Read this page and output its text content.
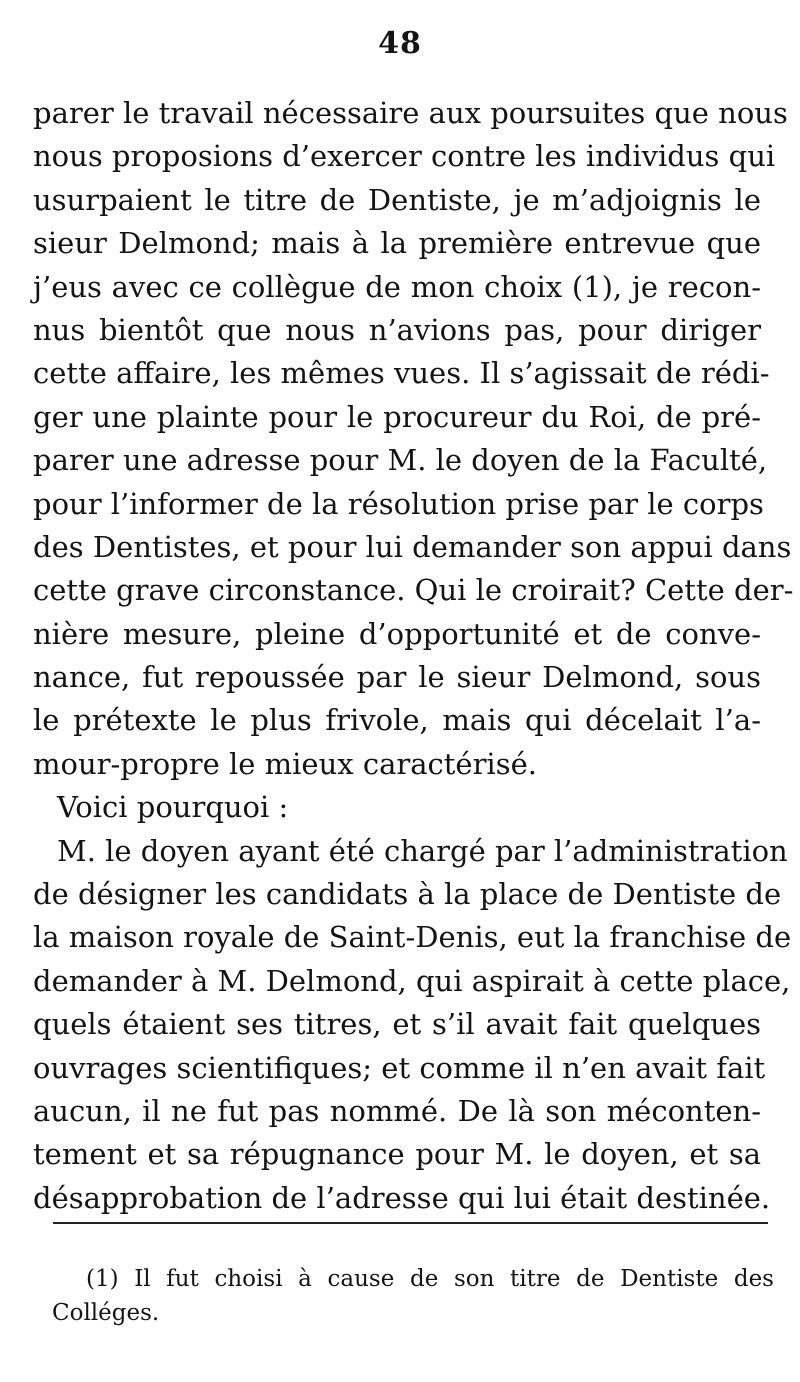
48
parer le travail nécessaire aux poursuites que nous
nous proposions d’exercer contre les individus qui
usurpaient le titre de Dentiste, je m’adjoignis le
sieur Delmond; mais à la première entrevue que
j’eus avec ce collègue de mon choix (1), je recon-
nus bientôt que nous n’avions pas, pour diriger
cette affaire, les mêmes vues. Il s’agissait de rédi-
ger une plainte pour le procureur du Roi, de pré-
parer une adresse pour M. le doyen de la Faculté,
pour l’informer de la résolution prise par le corps
des Dentistes, et pour lui demander son appui dans
cette grave circonstance. Qui le croirait? Cette der-
nière mesure, pleine d’opportunité et de conve-
nance, fut repoussée par le sieur Delmond, sous
le prétexte le plus frivole, mais qui décelait l’a-
mour-propre le mieux caractérisé.
Voici pourquoi :
M. le doyen ayant été chargé par l’administration
de désigner les candidats à la place de Dentiste de
la maison royale de Saint-Denis, eut la franchise de
demander à M. Delmond, qui aspirait à cette place,
quels étaient ses titres, et s’il avait fait quelques
ouvrages scientifiques; et comme il n’en avait fait
aucun, il ne fut pas nommé. De là son méconten-
tement et sa répugnance pour M. le doyen, et sa
désapprobation de l’adresse qui lui était destinée.
(1) Il fut choisi à cause de son titre de Dentiste des
Colléges.
